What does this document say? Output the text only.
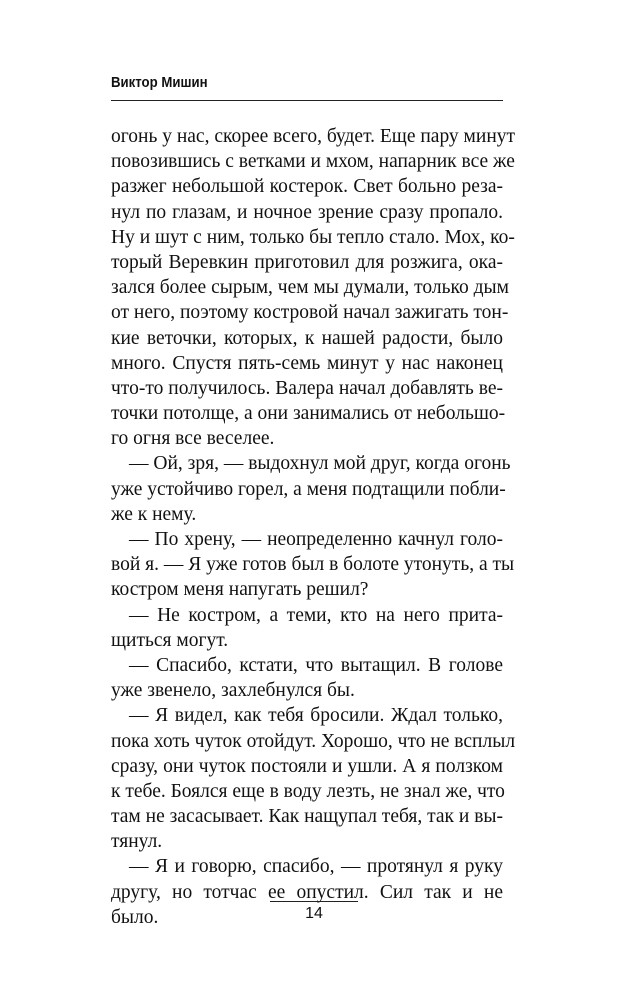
Виктор Мишин
огонь у нас, скорее всего, будет. Еще пару минут
повозившись с ветками и мхом, напарник все же
разжег небольшой костерок. Свет больно резa-
нул по глазам, и ночное зрение сразу пропало.
Ну и шут с ним, только бы тепло стало. Мох, ко-
торый Веревкин приготовил для розжига, ока-
зался более сырым, чем мы думали, только дым
от него, поэтому костровой начал зажигать тон-
кие веточки, которых, к нашей радости, было
много. Спустя пять-семь минут у нас наконец
что-то получилось. Валера начал добавлять ве-
точки потолще, а они занимались от небольшо-
го огня все веселее.
— Ой, зря, — выдохнул мой друг, когда огонь
уже устойчиво горел, а меня подтащили побли-
же к нему.
— По хрену, — неопределенно качнул голо-
вой я. — Я уже готов был в болоте утонуть, а ты
костром меня напугать решил?
— Не костром, а теми, кто на него прита-
щиться могут.
— Спасибо, кстати, что вытащил. В голове
уже звенело, захлебнулся бы.
— Я видел, как тебя бросили. Ждал только,
пока хоть чуток отойдут. Хорошо, что не всплыл
сразу, они чуток постояли и ушли. А я ползком
к тебе. Боялся еще в воду лезть, не знал же, что
там не засасывает. Как нащупал тебя, так и вы-
тянул.
— Я и говорю, спасибо, — протянул я руку
другу, но тотчас ее опустил. Сил так и не
было.	14
